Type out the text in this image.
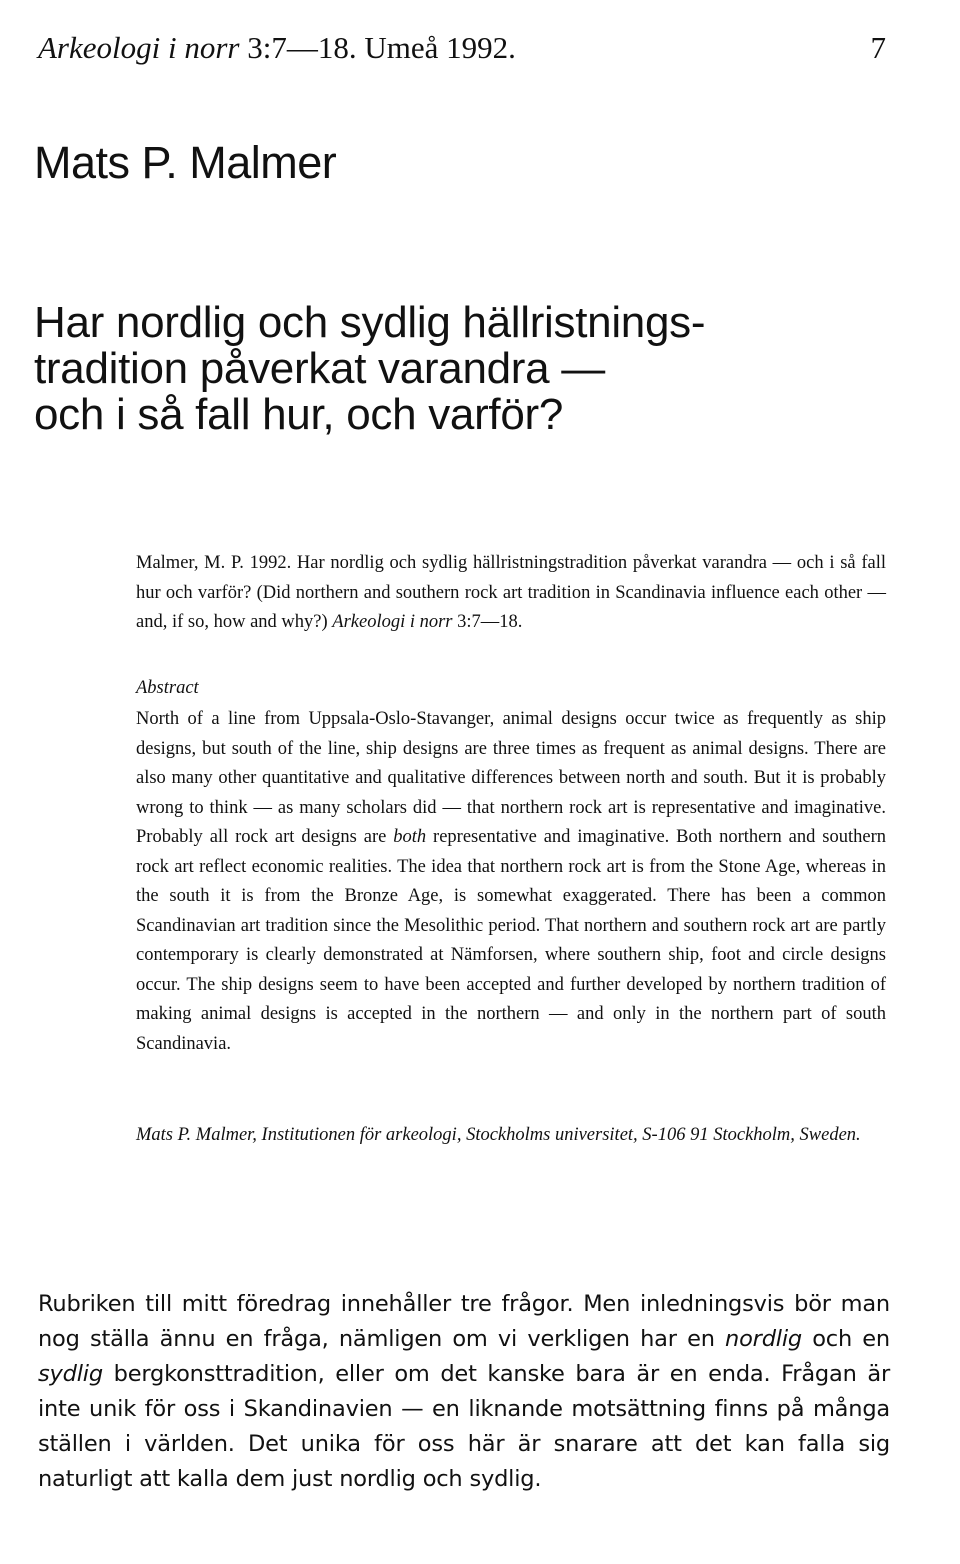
Arkeologi i norr 3:7—18. Umeå 1992.	7
Mats P. Malmer
Har nordlig och sydlig hällristnings-
tradition påverkat varandra —
och i så fall hur, och varför?
Malmer, M. P. 1992. Har nordlig och sydlig hällristningstradition påverkat varandra — och i så fall hur och varför? (Did northern and southern rock art tradition in Scandinavia influence each other — and, if so, how and why?) Arkeologi i norr 3:7—18.
Abstract
North of a line from Uppsala-Oslo-Stavanger, animal designs occur twice as frequently as ship designs, but south of the line, ship designs are three times as frequent as animal designs. There are also many other quantitative and qualitative differences between north and south. But it is probably wrong to think — as many scholars did — that northern rock art is representative and imaginative. Probably all rock art designs are both representative and imaginative. Both northern and southern rock art reflect economic realities. The idea that northern rock art is from the Stone Age, whereas in the south it is from the Bronze Age, is somewhat exaggerated. There has been a common Scandinavian art tradition since the Mesolithic period. That northern and southern rock art are partly contemporary is clearly demonstrated at Nämforsen, where southern ship, foot and circle designs occur. The ship designs seem to have been accepted and further developed by northern tradition of making animal designs is accepted in the northern — and only in the northern part of south Scandinavia.
Mats P. Malmer, Institutionen för arkeologi, Stockholms universitet, S-106 91 Stockholm, Sweden.

Rubriken till mitt föredrag innehåller tre frågor. Men inledningsvis bör man nog ställa ännu en fråga, nämligen om vi verkligen har en nordlig och en sydlig bergkonsttradition, eller om det kanske bara är en enda. Frågan är inte unik för oss i Skandinavien — en liknande motsättning finns på många ställen i världen. Det unika för oss här är snarare att det kan falla sig naturligt att kalla dem just nordlig och sydlig.
